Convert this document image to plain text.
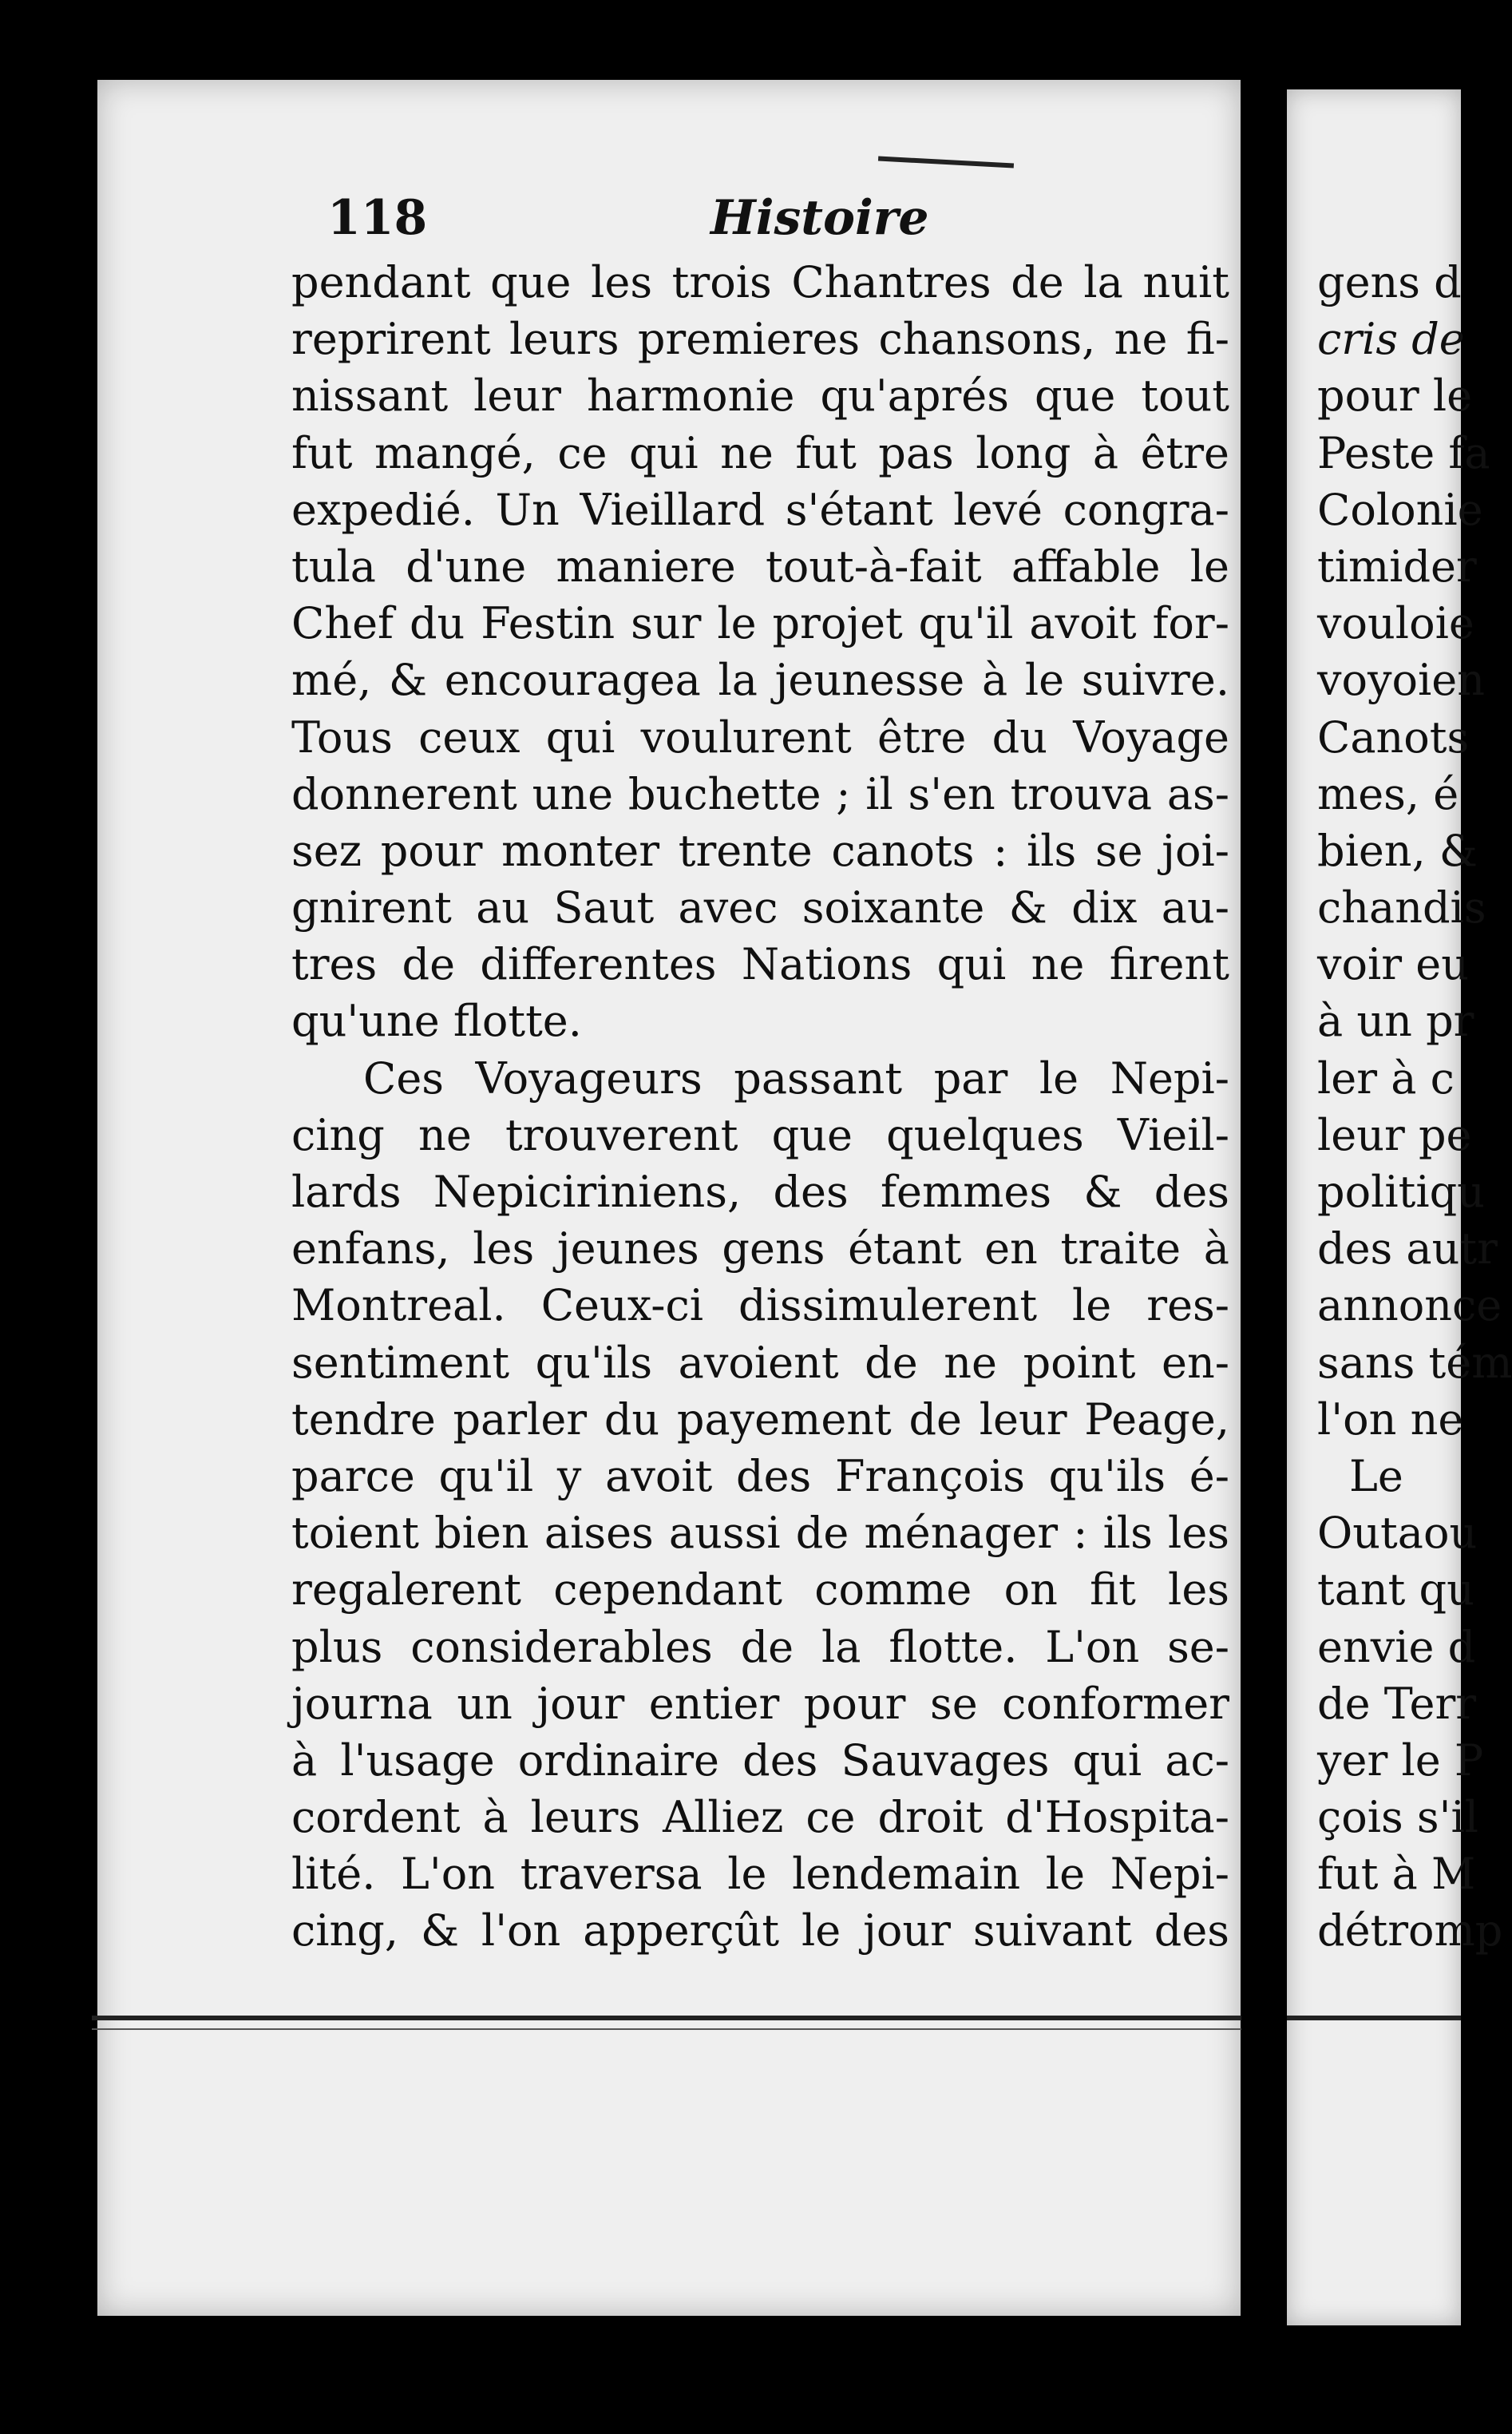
118	Histoire
pendant que les trois Chantres de la nuit
reprirent leurs premieres chansons, ne fi-
nissant leur harmonie qu'aprés que tout
fut mangé, ce qui ne fut pas long à être
expedié. Un Vieillard s'étant levé congra-
tula d'une maniere tout-à-fait affable le
Chef du Festin sur le projet qu'il avoit for-
mé, & encouragea la jeunesse à le suivre.
Tous ceux qui voulurent être du Voyage
donnerent une buchette ; il s'en trouva as-
sez pour monter trente canots : ils se joi-
gnirent au Saut avec soixante & dix au-
tres de differentes Nations qui ne firent
qu'une flotte.
Ces Voyageurs passant par le Nepi-
cing ne trouverent que quelques Vieil-
lards Nepiciriniens, des femmes & des
enfans, les jeunes gens étant en traite à
Montreal. Ceux-ci dissimulerent le res-
sentiment qu'ils avoient de ne point en-
tendre parler du payement de leur Peage,
parce qu'il y avoit des François qu'ils é-
toient bien aises aussi de ménager : ils les
regalerent cependant comme on fit les
plus considerables de la flotte. L'on se-
journa un jour entier pour se conformer
à l'usage ordinaire des Sauvages qui ac-
cordent à leurs Alliez ce droit d'Hospita-
lité. L'on traversa le lendemain le Nepi-
cing, & l'on apperçût le jour suivant des
gens d
cris de
pour le
Peste fa
Colonie
timider
vouloie
voyoien
Canots
mes, é
bien, &
chandis
voir eu
à un pr
ler à c
leur pe
politiqu
des autr
annonce
sans tém
l'on ne
Le
Outaou
tant qu
envie d
de Terr
yer le P
çois s'il
fut à M
détromp
